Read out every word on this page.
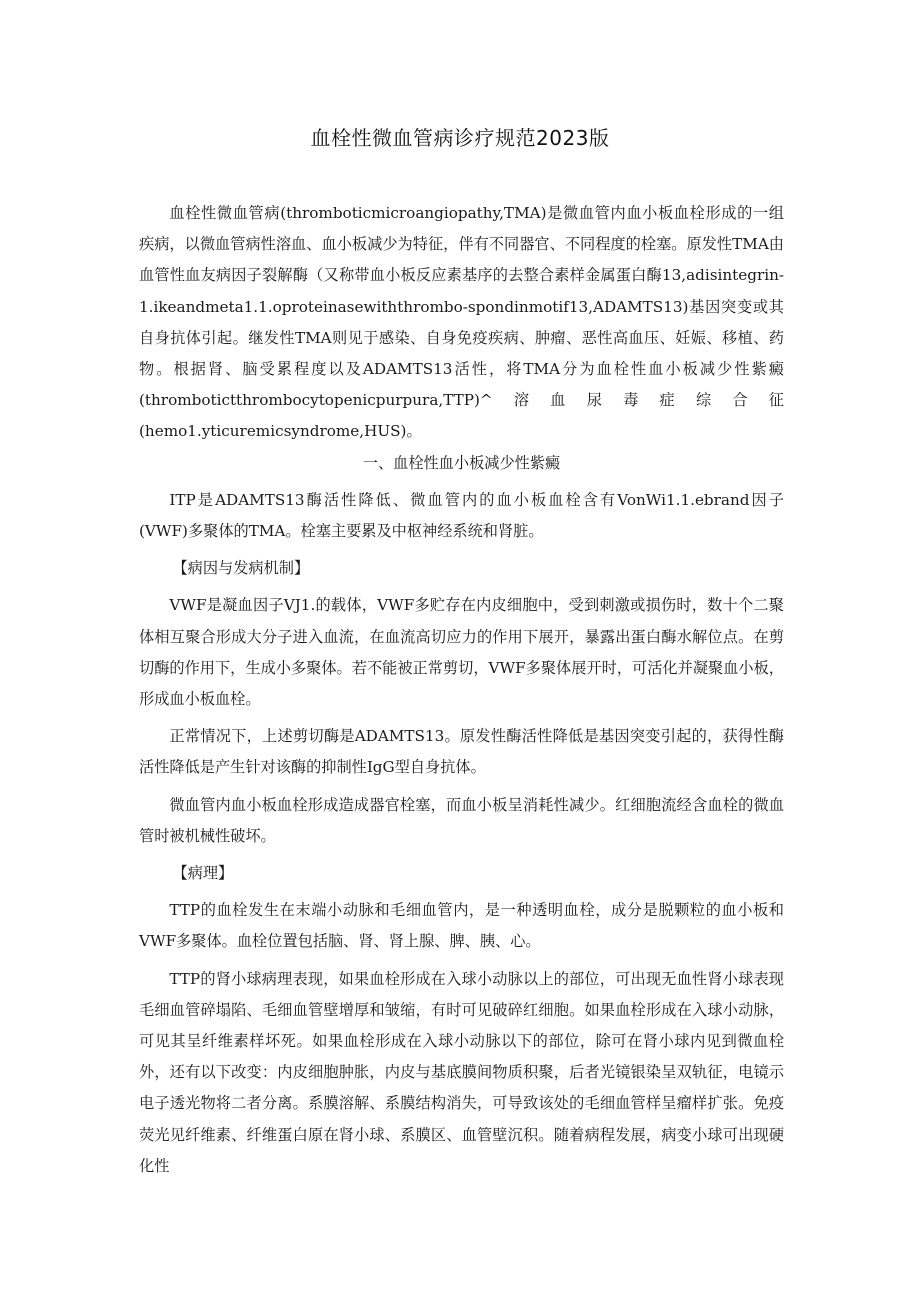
血栓性微血管病诊疗规范2023版

血栓性微血管病(thromboticmicroangiopathy,TMA)是微血管内血小板血栓形成的一组疾病，以微血管病性溶血、血小板减少为特征，伴有不同器官、不同程度的栓塞。原发性TMA由血管性血友病因子裂解酶（又称带血小板反应素基序的去整合素样金属蛋白酶13,adisintegrin-1.ikeandmeta1.1.oproteinasewiththrombo-spondinmotif13,ADAMTS13)基因突变或其自身抗体引起。继发性TMA则见于感染、自身免疫疾病、肿瘤、恶性高血压、妊娠、移植、药物。根据肾、脑受累程度以及ADAMTS13活性，将TMA分为血栓性血小板减少性紫癜(thrombotictthrombocytopenicpurpura,TTP)^溶血尿毒症综合征(hemo1.yticuremicsyndrome,HUS)。

一、血栓性血小板减少性紫癜

ITP是ADAMTS13酶活性降低、微血管内的血小板血栓含有VonWi1.1.ebrand因子(VWF)多聚体的TMA。栓塞主要累及中枢神经系统和肾脏。

【病因与发病机制】

VWF是凝血因子VJ1.的载体，VWF多贮存在内皮细胞中，受到刺激或损伤时，数十个二聚体相互聚合形成大分子进入血流，在血流高切应力的作用下展开，暴露出蛋白酶水解位点。在剪切酶的作用下，生成小多聚体。若不能被正常剪切，VWF多聚体展开时，可活化并凝聚血小板，形成血小板血栓。

正常情况下，上述剪切酶是ADAMTS13。原发性酶活性降低是基因突变引起的，获得性酶活性降低是产生针对该酶的抑制性IgG型自身抗体。

微血管内血小板血栓形成造成器官栓塞，而血小板呈消耗性减少。红细胞流经含血栓的微血管时被机械性破坏。

【病理】

TTP的血栓发生在末端小动脉和毛细血管内，是一种透明血栓，成分是脱颗粒的血小板和VWF多聚体。血栓位置包括脑、肾、肾上腺、脾、胰、心。

TTP的肾小球病理表现，如果血栓形成在入球小动脉以上的部位，可出现无血性肾小球表现毛细血管碎塌陷、毛细血管壁增厚和皱缩，有时可见破碎红细胞。如果血栓形成在入球小动脉，可见其呈纤维素样坏死。如果血栓形成在入球小动脉以下的部位，除可在肾小球内见到微血栓外，还有以下改变：内皮细胞肿胀，内皮与基底膜间物质积聚，后者光镜银染呈双轨征，电镜示电子透光物将二者分离。系膜溶解、系膜结构消失，可导致该处的毛细血管样呈瘤样扩张。免疫荧光见纤维素、纤维蛋白原在肾小球、系膜区、血管壁沉积。随着病程发展，病变小球可出现硬化性
